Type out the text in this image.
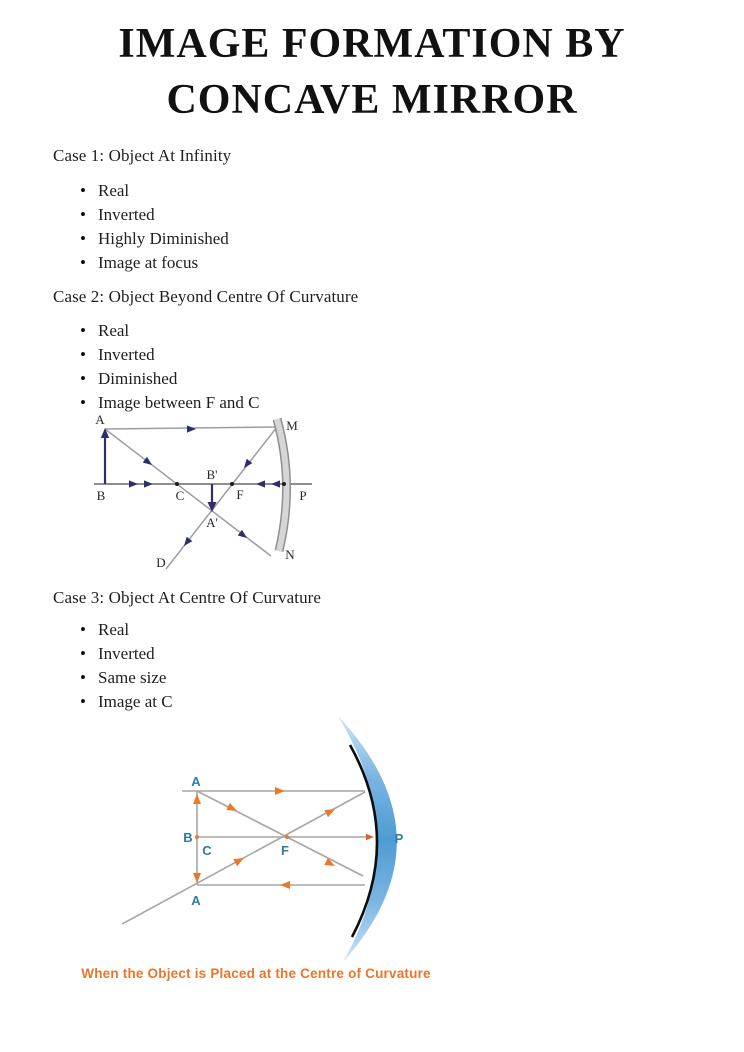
IMAGE FORMATION BY
CONCAVE MIRROR
Case 1: Object At Infinity
• Real
• Inverted
• Highly Diminished
• Image at focus
Case 2: Object Beyond Centre Of Curvature
• Real
• Inverted
• Diminished
• Image between F and C
A
B	C
B'
F	P
M
N
A'
D
Case 3: Object At Centre Of Curvature
• Real
• Inverted
• Same size
• Image at C
A
B
C	F
P
A
When the Object is Placed at the Centre of Curvature
